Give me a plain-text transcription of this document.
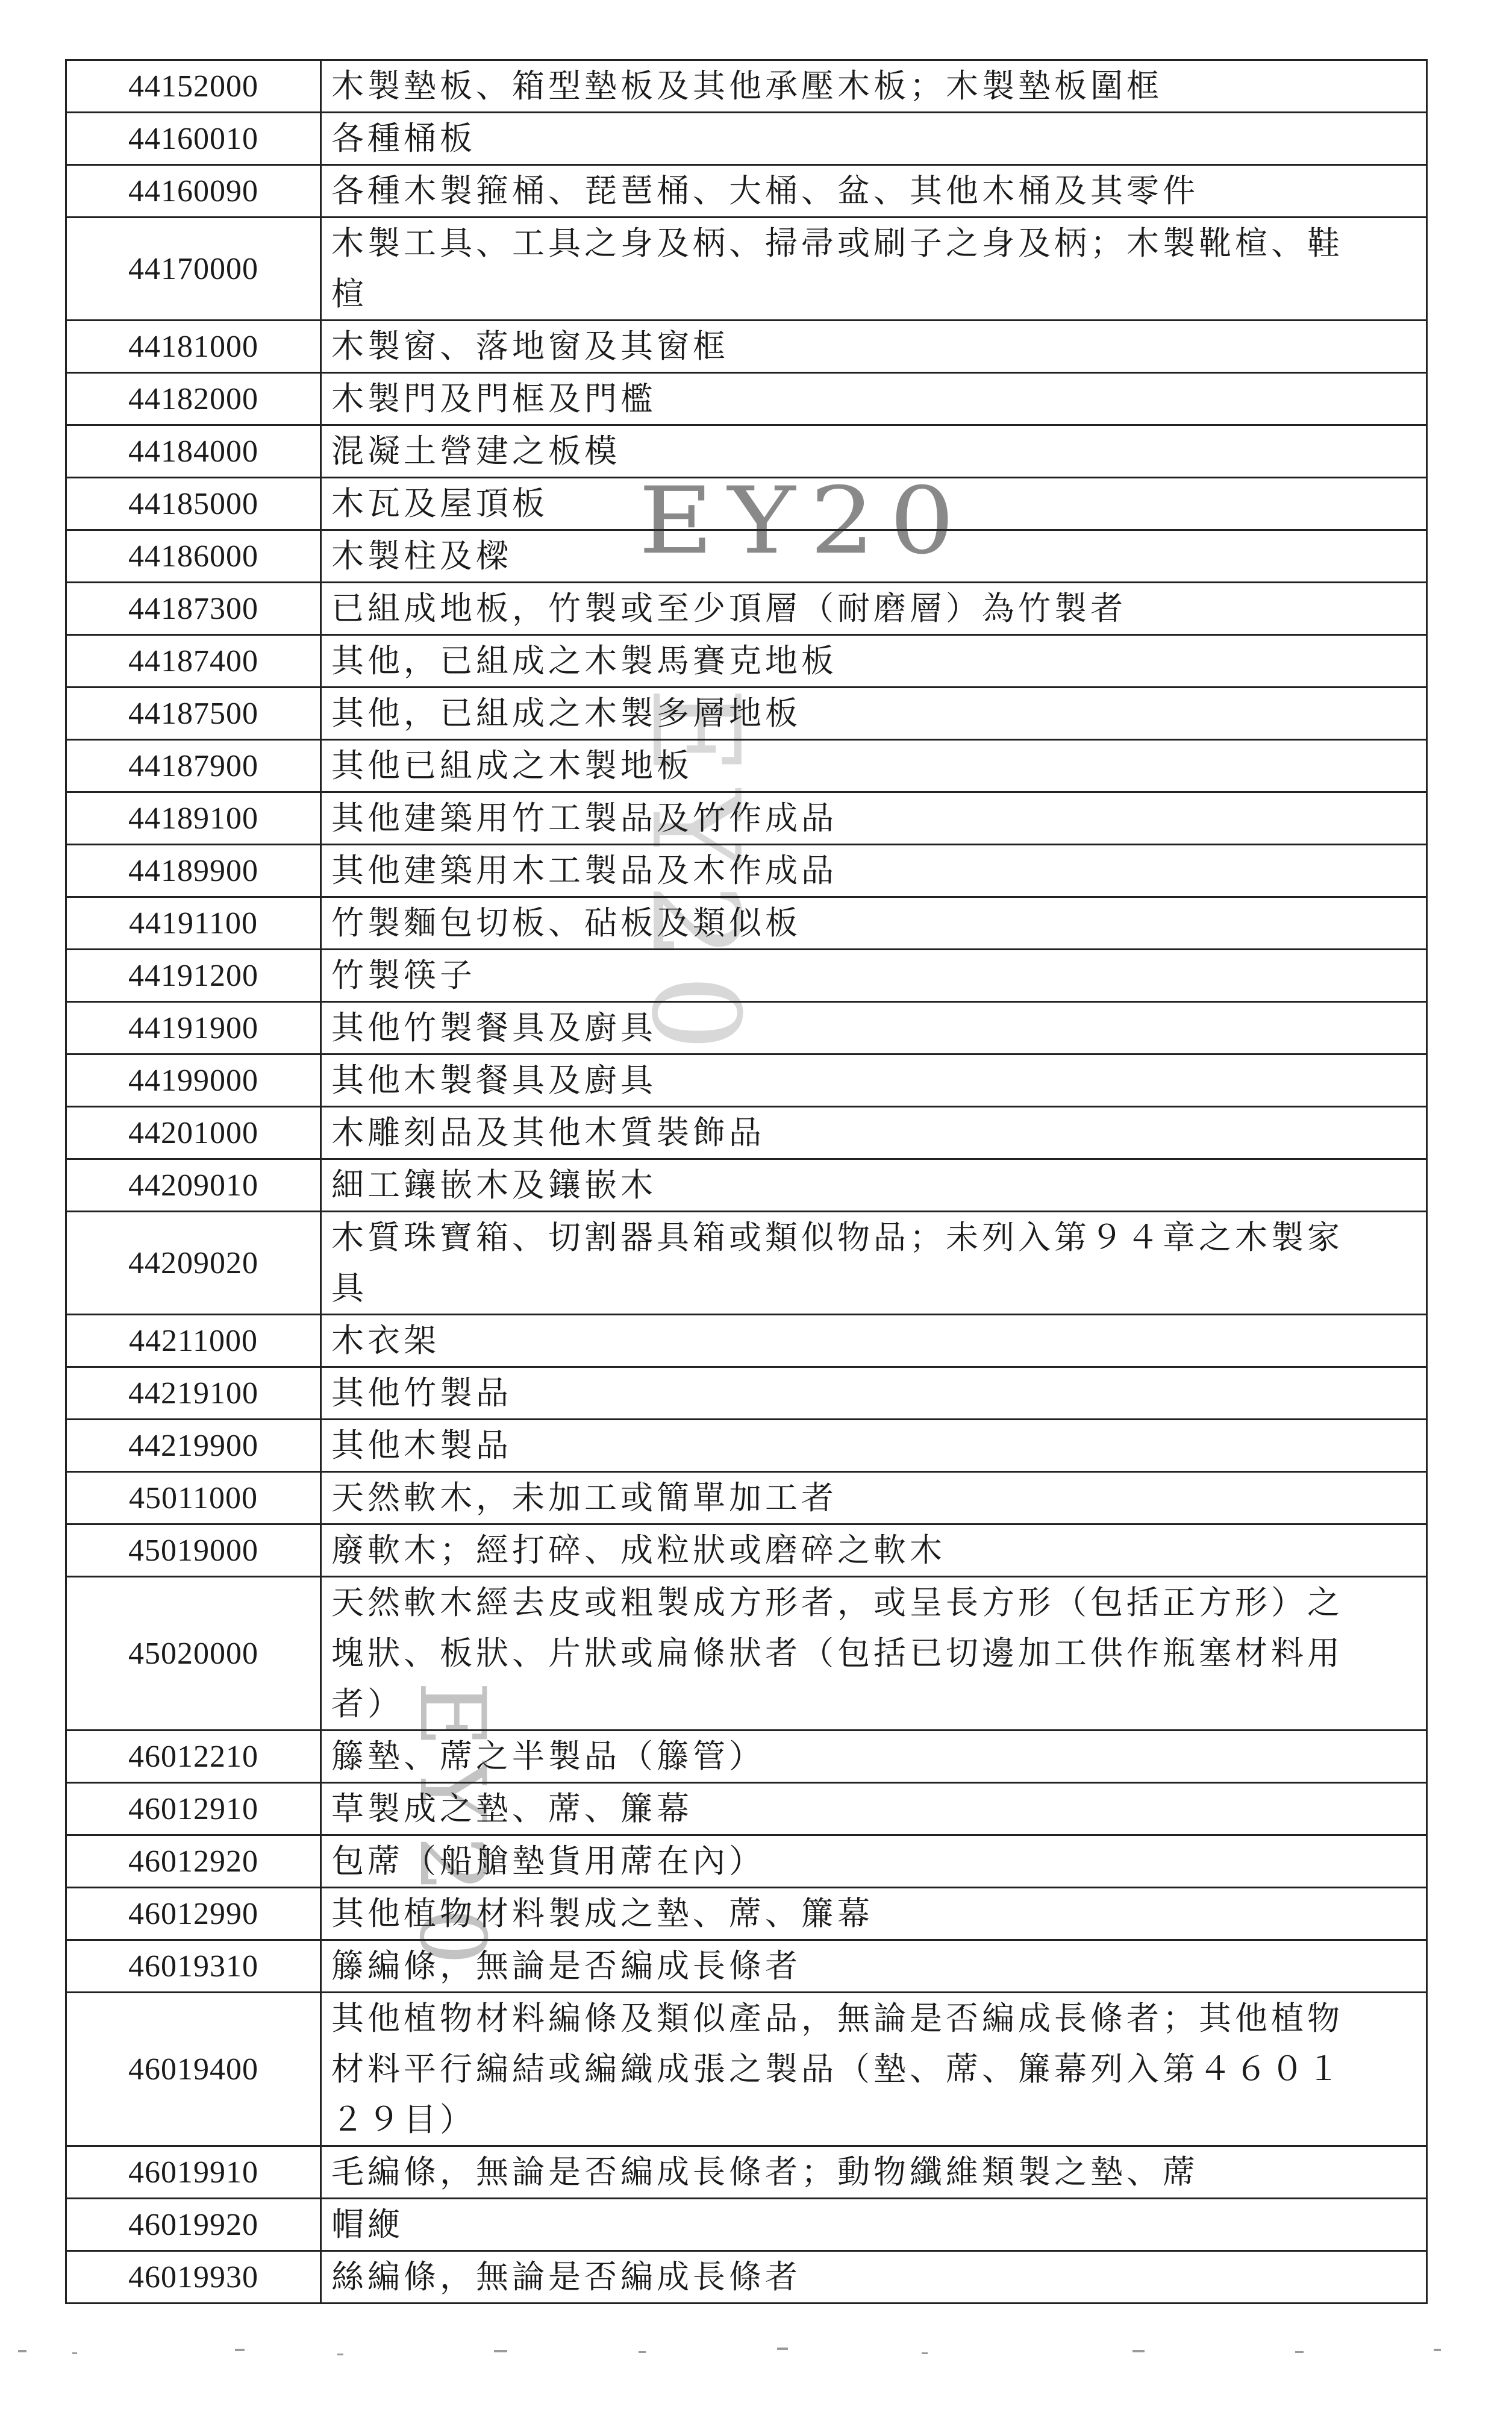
44152000	木製墊板、箱型墊板及其他承壓木板；木製墊板圍框

44160010	各種桶板

44160090	各種木製箍桶、琵琶桶、大桶、盆、其他木桶及其零件

44170000	木製工具、工具之身及柄、掃帚或刷子之身及柄；木製靴楦、鞋
楦

44181000	木製窗、落地窗及其窗框

44182000	木製門及門框及門檻

44184000	混凝土營建之板模

44185000	木瓦及屋頂板

44186000	木製柱及樑

44187300	已組成地板，竹製或至少頂層（耐磨層）為竹製者

44187400	其他，已組成之木製馬賽克地板

44187500	其他，已組成之木製多層地板

44187900	其他已組成之木製地板

44189100	其他建築用竹工製品及竹作成品

44189900	其他建築用木工製品及木作成品

44191100	竹製麵包切板、砧板及類似板

44191200	竹製筷子

44191900	其他竹製餐具及廚具

44199000	其他木製餐具及廚具

44201000	木雕刻品及其他木質裝飾品

44209010	細工鑲嵌木及鑲嵌木

44209020	木質珠寶箱、切割器具箱或類似物品；未列入第９４章之木製家
具

44211000	木衣架

44219100	其他竹製品

44219900	其他木製品

45011000	天然軟木，未加工或簡單加工者

45019000	廢軟木；經打碎、成粒狀或磨碎之軟木

45020000	天然軟木經去皮或粗製成方形者，或呈長方形（包括正方形）之
塊狀、板狀、片狀或扁條狀者（包括已切邊加工供作瓶塞材料用
者）

46012210	籐墊、蓆之半製品（籐管）

46012910	草製成之墊、蓆、簾幕

46012920	包蓆（船艙墊貨用蓆在內）

46012990	其他植物材料製成之墊、蓆、簾幕

46019310	籐編條，無論是否編成長條者

46019400	其他植物材料編條及類似產品，無論是否編成長條者；其他植物
材料平行編結或編織成張之製品（墊、蓆、簾幕列入第４６０１
２９目）

46019910	毛編條，無論是否編成長條者；動物纖維類製之墊、蓆

46019920	帽緶

46019930	絲編條，無論是否編成長條者
EY20
EY20
EY20
